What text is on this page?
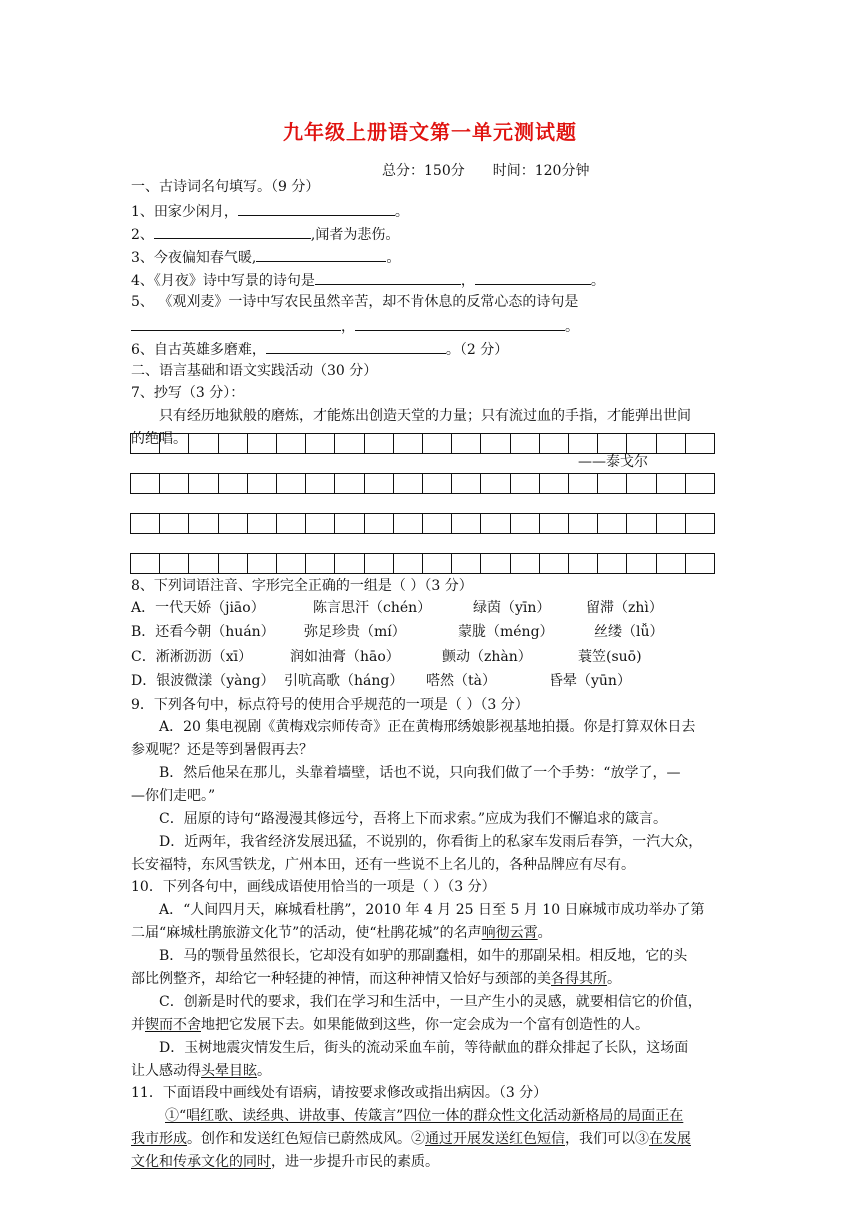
九年级上册语文第一单元测试题
总分：150分 时间：120分钟
一、古诗词名句填写。（9 分）
1、田家少闲月，	。
2、	,闻者为悲伤。
3、今夜偏知春气暖,	。
4、《月夜》诗中写景的诗句是	，	。
5、 《观刈麦》一诗中写农民虽然辛苦，却不肯休息的反常心态的诗句是
，	。
6、自古英雄多磨难，	。（2 分）
二、语言基础和语文实践活动（30 分）
7、抄写（3 分）：
只有经历地狱般的磨炼，才能炼出创造天堂的力量；只有流过血的手指，才能弹出世间
的绝唱。
——泰戈尔
8、下列词语注音、字形完全正确的一组是（ ）（3 分）
A．一代天娇（jiāo）	陈言思汗（chén）	绿茵（yīn）	留滞（zhì）
B．还看今朝（huán） 弥足珍贵（mí）	蒙胧（méng）	丝缕（lǚ）
C．淅淅沥沥（xī）	润如油膏（hāo）	颤动（zhàn）	蓑笠(suō)
D．银波微漾（yàng） 引吭高歌（háng） 嗒然（tà）	昏晕（yūn）
9．下列各句中，标点符号的使用合乎规范的一项是（ ）（3 分）
A．20 集电视剧《黄梅戏宗师传奇》正在黄梅邢绣娘影视基地拍摄。你是打算双休日去
参观呢？还是等到暑假再去？
B．然后他呆在那儿，头靠着墙壁，话也不说，只向我们做了一个手势：“放学了，—
—你们走吧。”
C．屈原的诗句“路漫漫其修远兮，吾将上下而求索。”应成为我们不懈追求的箴言。
D．近两年，我省经济发展迅猛，不说别的，你看街上的私家车发雨后春笋，一汽大众，
长安福特，东风雪铁龙，广州本田，还有一些说不上名儿的，各种品牌应有尽有。
10．下列各句中，画线成语使用恰当的一项是（ ）（3 分）
A．“人间四月天，麻城看杜鹃”，2010 年 4 月 25 日至 5 月 10 日麻城市成功举办了第
二届“麻城杜鹃旅游文化节”的活动，使“杜鹃花城”的名声响彻云霄。
B．马的颚骨虽然很长，它却没有如驴的那副蠢相，如牛的那副呆相。相反地，它的头
部比例整齐，却给它一种轻捷的神情，而这种神情又恰好与颈部的美各得其所。
C．创新是时代的要求，我们在学习和生活中，一旦产生小的灵感，就要相信它的价值，
并锲而不舍地把它发展下去。如果能做到这些，你一定会成为一个富有创造性的人。
D．玉树地震灾情发生后，街头的流动采血车前，等待献血的群众排起了长队，这场面
让人感动得头晕目眩。
11．下面语段中画线处有语病，请按要求修改或指出病因。（3 分）
①“唱红歌、读经典、讲故事、传箴言”四位一体的群众性文化活动新格局的局面正在
我市形成。创作和发送红色短信已蔚然成风。②通过开展发送红色短信，我们可以③在发展
文化和传承文化的同时，进一步提升市民的素质。
